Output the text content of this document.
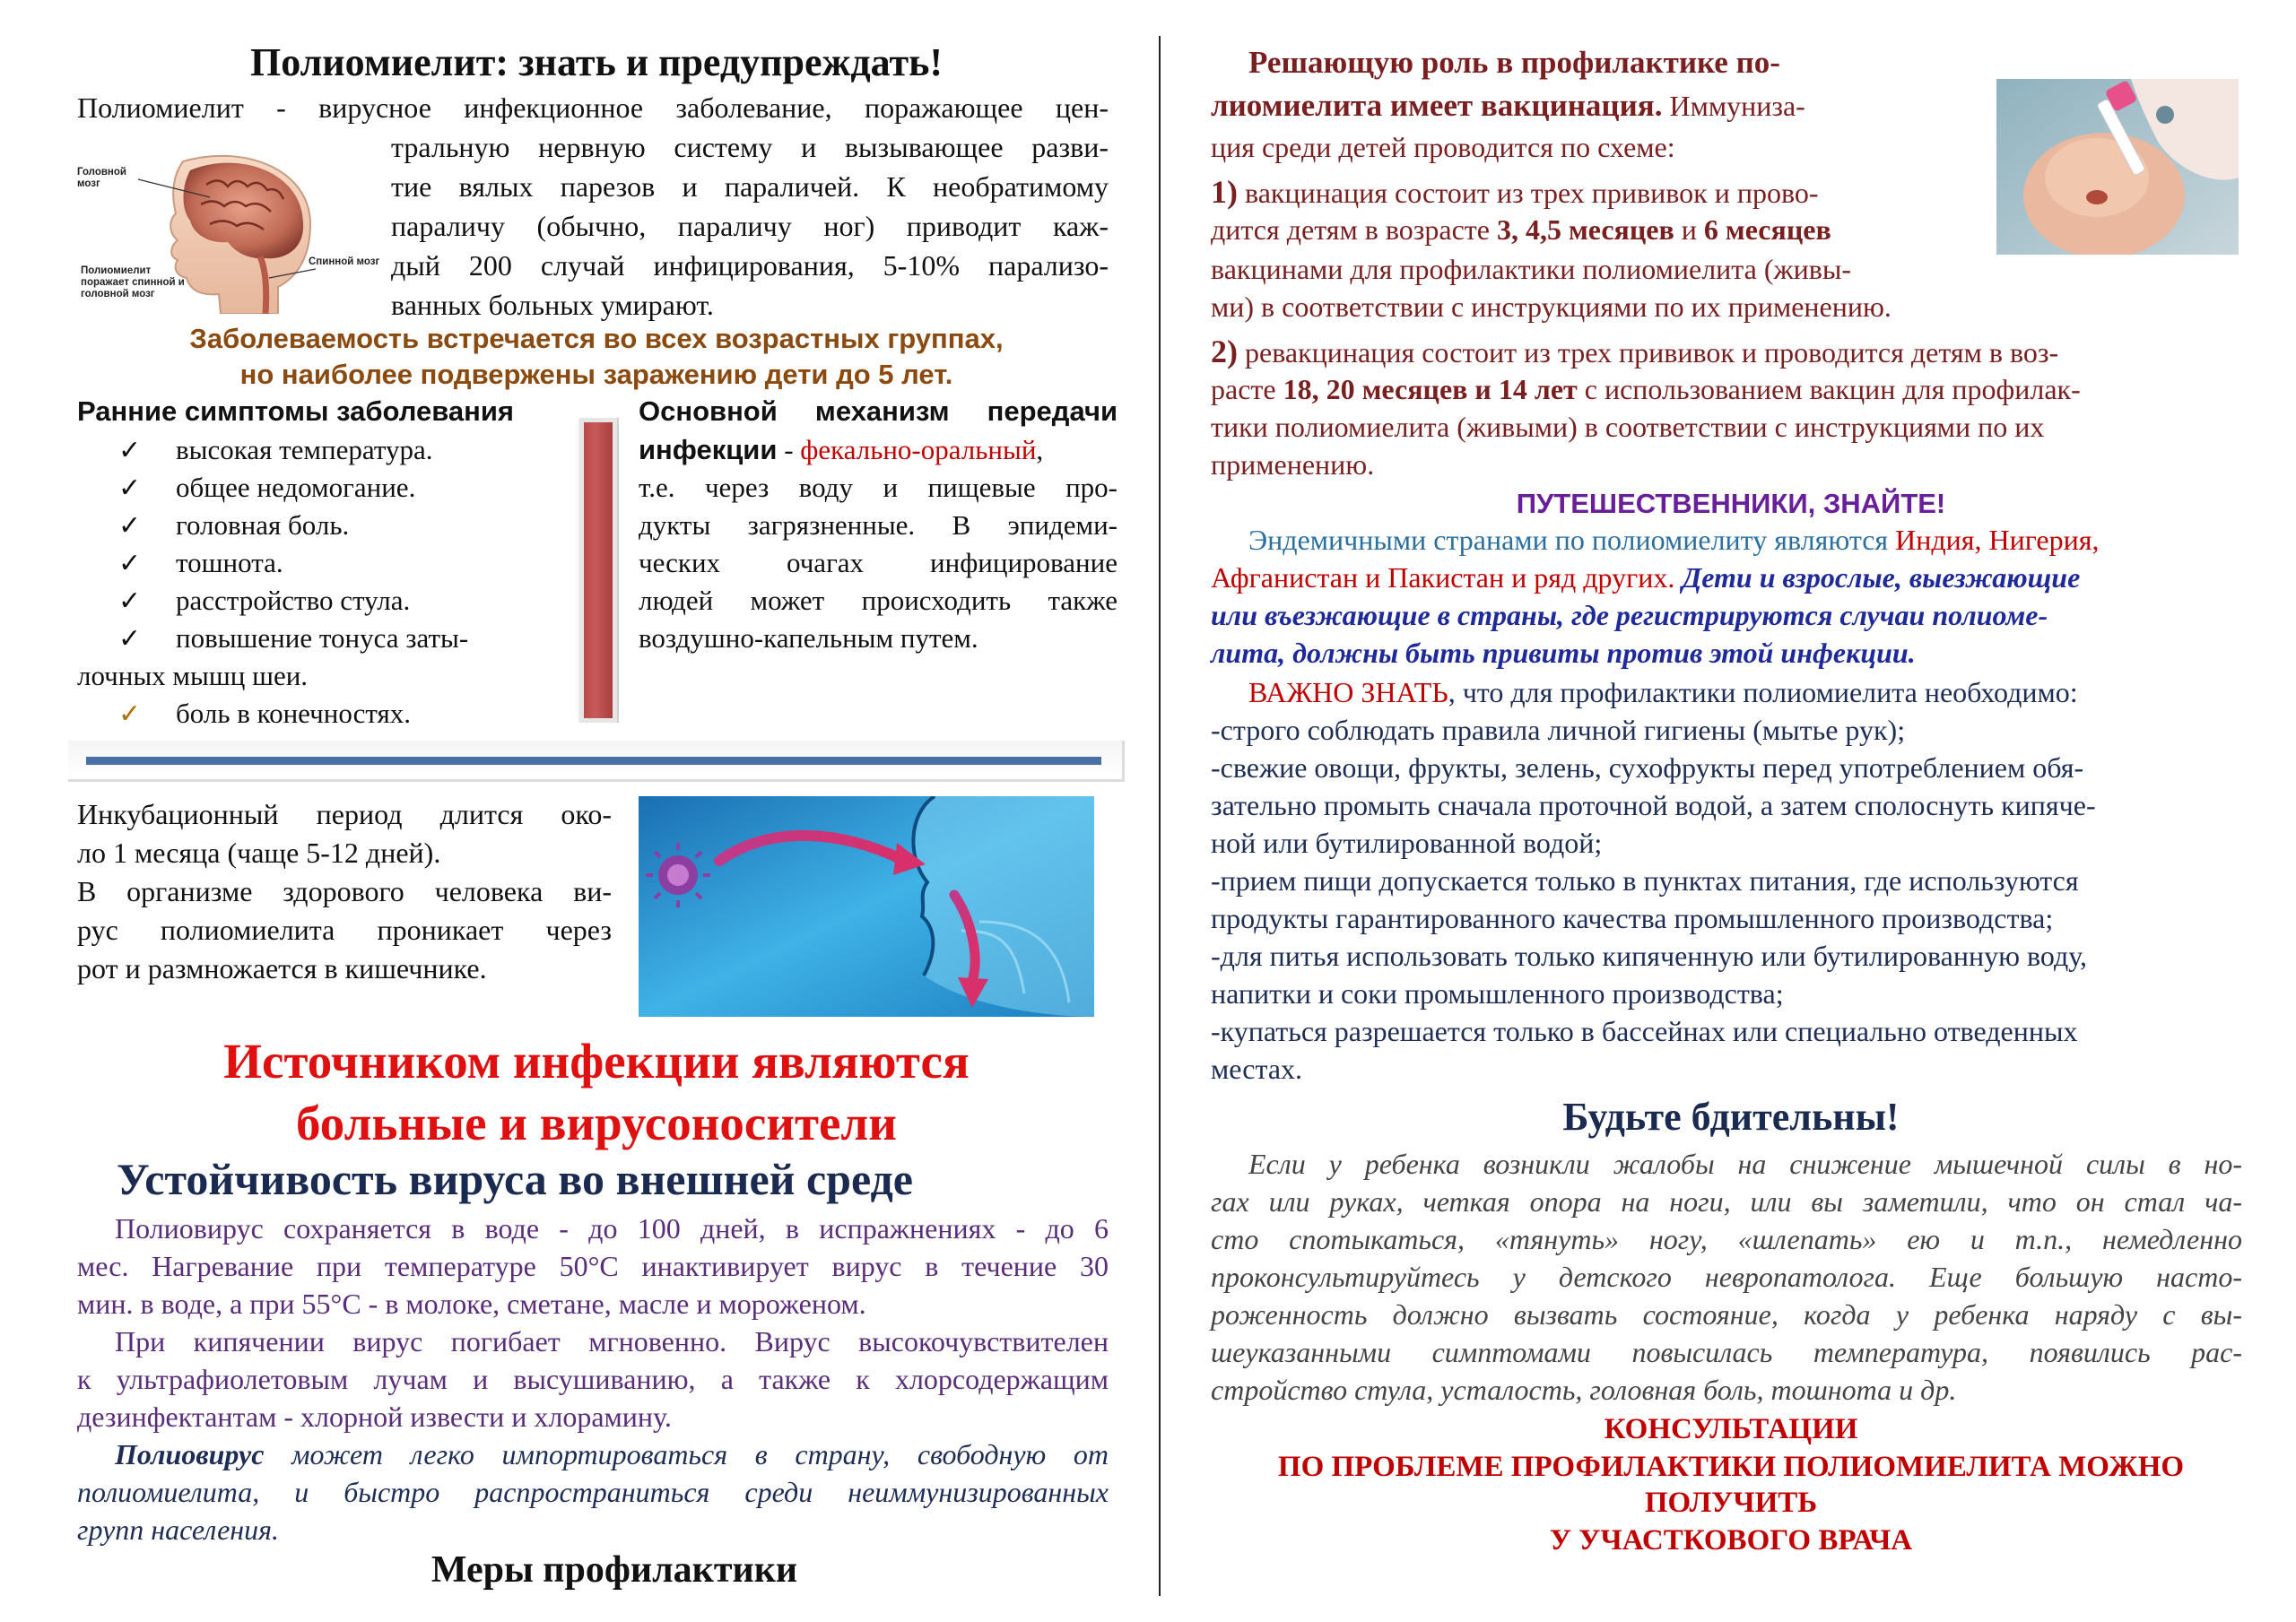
Полиомиелит: знать и предупреждать!

Полиомиелит - вирусное инфекционное заболевание, поражающее цен-

тральную нервную систему и вызывающее разви-

тие вялых парезов и параличей. К необратимому

параличу (обычно, параличу ног) приводит каж-

дый 200 случай инфицирования, 5-10% парализо-

ванных больных умирают.

Головной мозг
Спинной мозг
Полиомиелит поражает спинной и головной мозг

Заболеваемость встречается во всех возрастных группах,

но наиболее подвержены заражению дети до 5 лет.

Ранние симптомы заболевания

✓ высокая температура.

✓ общее недомогание.

✓ головная боль.

✓ тошнота.

✓ расстройство стула.

✓ повышение тонуса заты-

лочных мышц шеи.

✓ боль в конечностях.

Основной механизм передачи

инфекции - фекально-оральный,

т.е. через воду и пищевые про-

дукты загрязненные. В эпидеми-

ческих очагах инфицирование

людей может происходить также

воздушно-капельным путем.

Инкубационный период длится око-

ло 1 месяца (чаще 5-12 дней).

В организме здорового человека ви-

рус полиомиелита проникает через

рот и размножается в кишечнике.

Источником инфекции являются
больные и вирусоносители

Устойчивость вируса во внешней среде

Полиовирус сохраняется в воде - до 100 дней, в испражнениях - до 6

мес. Нагревание при температуре 50°С инактивирует вирус в течение 30

мин. в воде, а при 55°С - в молоке, сметане, масле и мороженом.

При кипячении вирус погибает мгновенно. Вирус высокочувствителен

к ультрафиолетовым лучам и высушиванию, а также к хлорсодержащим

дезинфектантам - хлорной извести и хлорамину.

Полиовирус может легко импортироваться в страну, свободную от

полиомиелита, и быстро распространиться среди неиммунизированных

групп населения.

Меры профилактики

Решающую роль в профилактике по-

лиомиелита имеет вакцинация. Иммуниза-

ция среди детей проводится по схеме:

1) вакцинация состоит из трех прививок и прово-

дится детям в возрасте 3, 4,5 месяцев и 6 месяцев

вакцинами для профилактики полиомиелита (живы-

ми) в соответствии с инструкциями по их применению.

2) ревакцинация состоит из трех прививок и проводится детям в воз-

расте 18, 20 месяцев и 14 лет с использованием вакцин для профилак-

тики полиомиелита (живыми) в соответствии с инструкциями по их

применению.

ПУТЕШЕСТВЕННИКИ, ЗНАЙТЕ!

Эндемичными странами по полиомиелиту являются Индия, Нигерия,

Афганистан и Пакистан и ряд других. Дети и взрослые, выезжающие

или въезжающие в страны, где регистрируются случаи полиоме-

лита, должны быть привиты против этой инфекции.

ВАЖНО ЗНАТЬ, что для профилактики полиомиелита необходимо:

-строго соблюдать правила личной гигиены (мытье рук);

-свежие овощи, фрукты, зелень, сухофрукты перед употреблением обя-

зательно промыть сначала проточной водой, а затем сполоснуть кипяче-

ной или бутилированной водой;

-прием пищи допускается только в пунктах питания, где используются

продукты гарантированного качества промышленного производства;

-для питья использовать только кипяченную или бутилированную воду,

напитки и соки промышленного производства;

-купаться разрешается только в бассейнах или специально отведенных

местах.

Будьте бдительны!

Если у ребенка возникли жалобы на снижение мышечной силы в но-

гах или руках, четкая опора на ноги, или вы заметили, что он стал ча-

сто спотыкаться, «тянуть» ногу, «шлепать» ею и т.п., немедленно

проконсультируйтесь у детского невропатолога. Еще большую насто-

роженность должно вызвать состояние, когда у ребенка наряду с вы-

шеуказанными симптомами повысилась температура, появились рас-

стройство стула, усталость, головная боль, тошнота и др.

КОНСУЛЬТАЦИИ

ПО ПРОБЛЕМЕ ПРОФИЛАКТИКИ ПОЛИОМИЕЛИТА МОЖНО

ПОЛУЧИТЬ

У УЧАСТКОВОГО ВРАЧА
